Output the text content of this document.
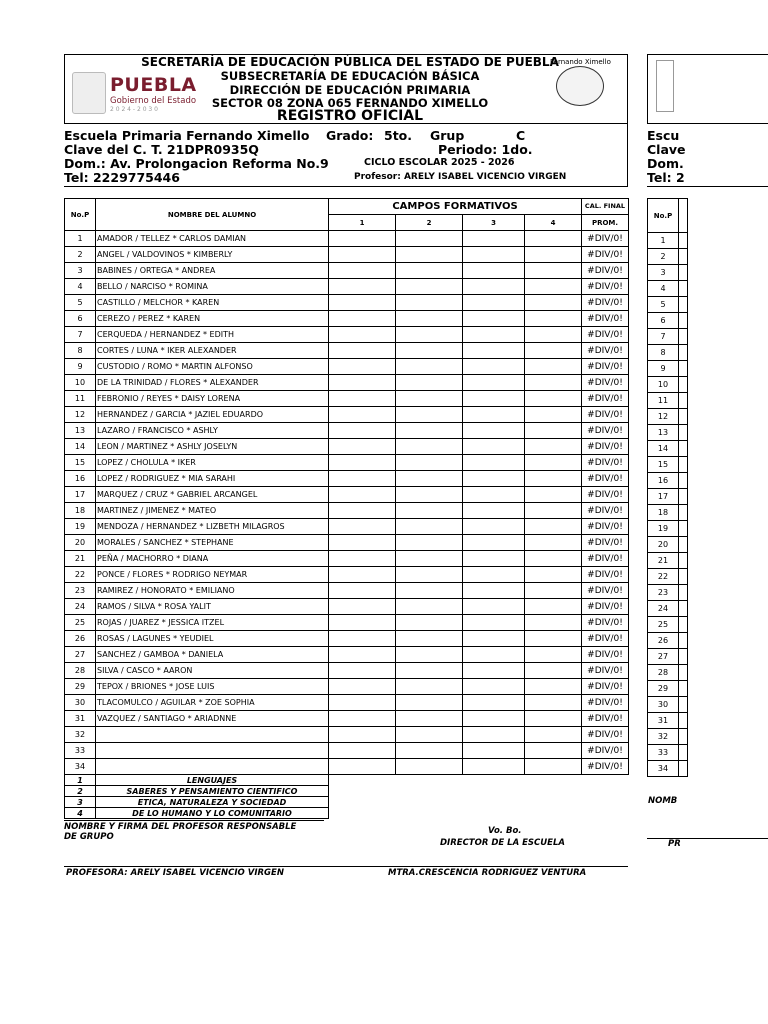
PUEBLA
Gobierno del Estado
2 0 2 4 - 2 0 3 0
Fernando Ximello
SECRETARÍA DE EDUCACIÓN PÚBLICA DEL ESTADO DE PUEBLA
SUBSECRETARÍA DE EDUCACIÓN BÁSICA
DIRECCIÓN DE EDUCACIÓN PRIMARIA
SECTOR 08 ZONA 065 FERNANDO XIMELLO
REGISTRO OFICIAL
Escuela Primaria Fernando Ximello Grado: 5to. Grup	C
Clave del C. T. 21DPR0935Q	Periodo: 1do.
Dom.: Av. Prolongacion Reforma No.9	CICLO ESCOLAR 2025 - 2026
Tel: 2229775446	Profesor: ARELY ISABEL VICENCIO VIRGEN
No.P	NOMBRE DEL ALUMNO	CAMPOS FORMATIVOS				CAL. FINAL
		1	2	3	4	PROM.
1	AMADOR / TELLEZ * CARLOS DAMIAN					#DIV/0!
2	ANGEL / VALDOVINOS * KIMBERLY					#DIV/0!
3	BABINES / ORTEGA * ANDREA					#DIV/0!
4	BELLO / NARCISO * ROMINA					#DIV/0!
5	CASTILLO / MELCHOR * KAREN					#DIV/0!
6	CEREZO / PEREZ * KAREN					#DIV/0!
7	CERQUEDA / HERNANDEZ * EDITH					#DIV/0!
8	CORTES / LUNA * IKER ALEXANDER					#DIV/0!
9	CUSTODIO / ROMO * MARTIN ALFONSO					#DIV/0!
10	DE LA TRINIDAD / FLORES * ALEXANDER					#DIV/0!
11	FEBRONIO / REYES * DAISY LORENA					#DIV/0!
12	HERNANDEZ / GARCIA * JAZIEL EDUARDO					#DIV/0!
13	LAZARO / FRANCISCO * ASHLY					#DIV/0!
14	LEON / MARTINEZ * ASHLY JOSELYN					#DIV/0!
15	LOPEZ / CHOLULA * IKER					#DIV/0!
16	LOPEZ / RODRIGUEZ * MIA SARAHI					#DIV/0!
17	MARQUEZ / CRUZ * GABRIEL ARCANGEL					#DIV/0!
18	MARTINEZ / JIMENEZ * MATEO					#DIV/0!
19	MENDOZA / HERNANDEZ * LIZBETH MILAGROS					#DIV/0!
20	MORALES / SANCHEZ * STEPHANE					#DIV/0!
21	PEÑA / MACHORRO * DIANA					#DIV/0!
22	PONCE / FLORES * RODRIGO NEYMAR					#DIV/0!
23	RAMIREZ / HONORATO * EMILIANO					#DIV/0!
24	RAMOS / SILVA * ROSA YALIT					#DIV/0!
25	ROJAS / JUAREZ * JESSICA ITZEL					#DIV/0!
26	ROSAS / LAGUNES * YEUDIEL					#DIV/0!
27	SANCHEZ / GAMBOA * DANIELA					#DIV/0!
28	SILVA / CASCO * AARON					#DIV/0!
29	TEPOX / BRIONES * JOSE LUIS					#DIV/0!
30	TLACOMULCO / AGUILAR * ZOE SOPHIA					#DIV/0!
31	VAZQUEZ / SANTIAGO * ARIADNNE					#DIV/0!
32						#DIV/0!
33						#DIV/0!
34						#DIV/0!
1	LENGUAJES
2	SABERES Y PENSAMIENTO CIENTIFICO
3	ETICA, NATURALEZA Y SOCIEDAD
4	DE LO HUMANO Y LO COMUNITARIO
NOMBRE Y FIRMA DEL PROFESOR RESPONSABLE
DE GRUPO
Vo. Bo.
DIRECTOR DE LA ESCUELA
PROFESORA: ARELY ISABEL VICENCIO VIRGEN	MTRA.CRESCENCIA RODRIGUEZ VENTURA
Escu
Clave
Dom.
Tel: 2
No.P	

1	
2	
3	
4	
5	
6	
7	
8	
9	
10	
11	
12	
13	
14	
15	
16	
17	
18	
19	
20	
21	
22	
23	
24	
25	
26	
27	
28	
29	
30	
31	
32	
33	
34	
NOMB
PR
